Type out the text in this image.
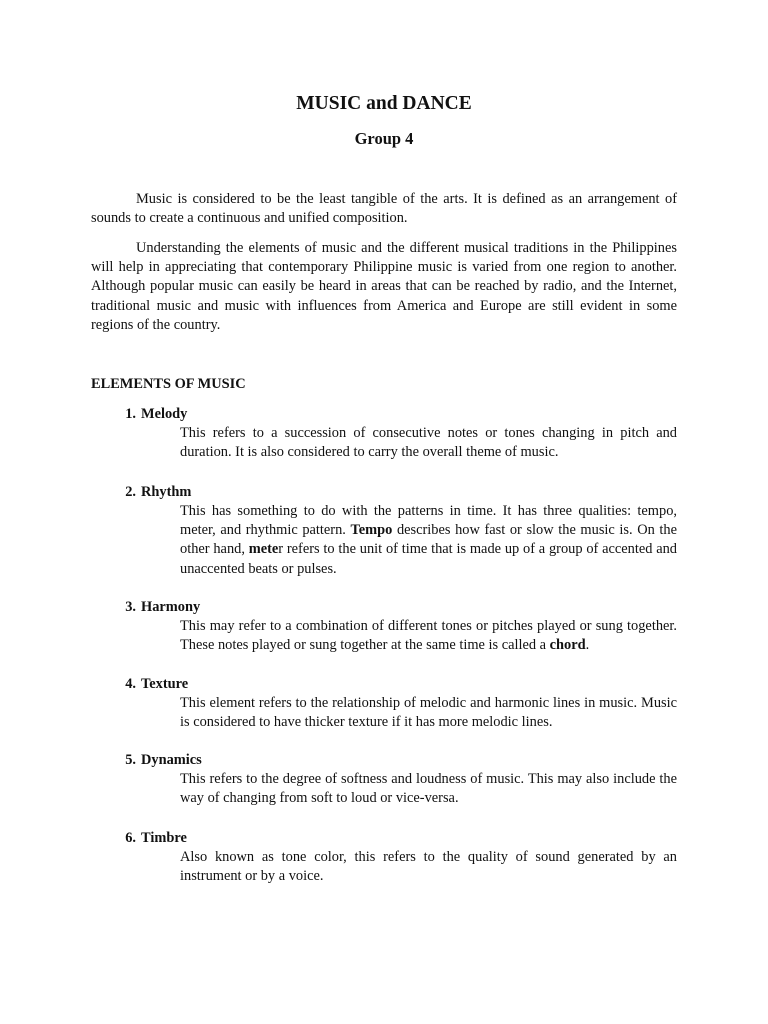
MUSIC and DANCE
Group 4

Music is considered to be the least tangible of the arts. It is defined as an arrangement of sounds to create a continuous and unified composition.

Understanding the elements of music and the different musical traditions in the Philippines will help in appreciating that contemporary Philippine music is varied from one region to another. Although popular music can easily be heard in areas that can be reached by radio, and the Internet, traditional music and music with influences from America and Europe are still evident in some regions of the country.

ELEMENTS OF MUSIC
1. Melody

This refers to a succession of consecutive notes or tones changing in pitch and duration. It is also considered to carry the overall theme of music.

2. Rhythm

This has something to do with the patterns in time. It has three qualities: tempo, meter, and rhythmic pattern. Tempo describes how fast or slow the music is. On the other hand, meter refers to the unit of time that is made up of a group of accented and unaccented beats or pulses.

3. Harmony

This may refer to a combination of different tones or pitches played or sung together. These notes played or sung together at the same time is called a chord.

4. Texture

This element refers to the relationship of melodic and harmonic lines in music. Music is considered to have thicker texture if it has more melodic lines.

5. Dynamics

This refers to the degree of softness and loudness of music. This may also include the way of changing from soft to loud or vice-versa.

6. Timbre

Also known as tone color, this refers to the quality of sound generated by an instrument or by a voice.
